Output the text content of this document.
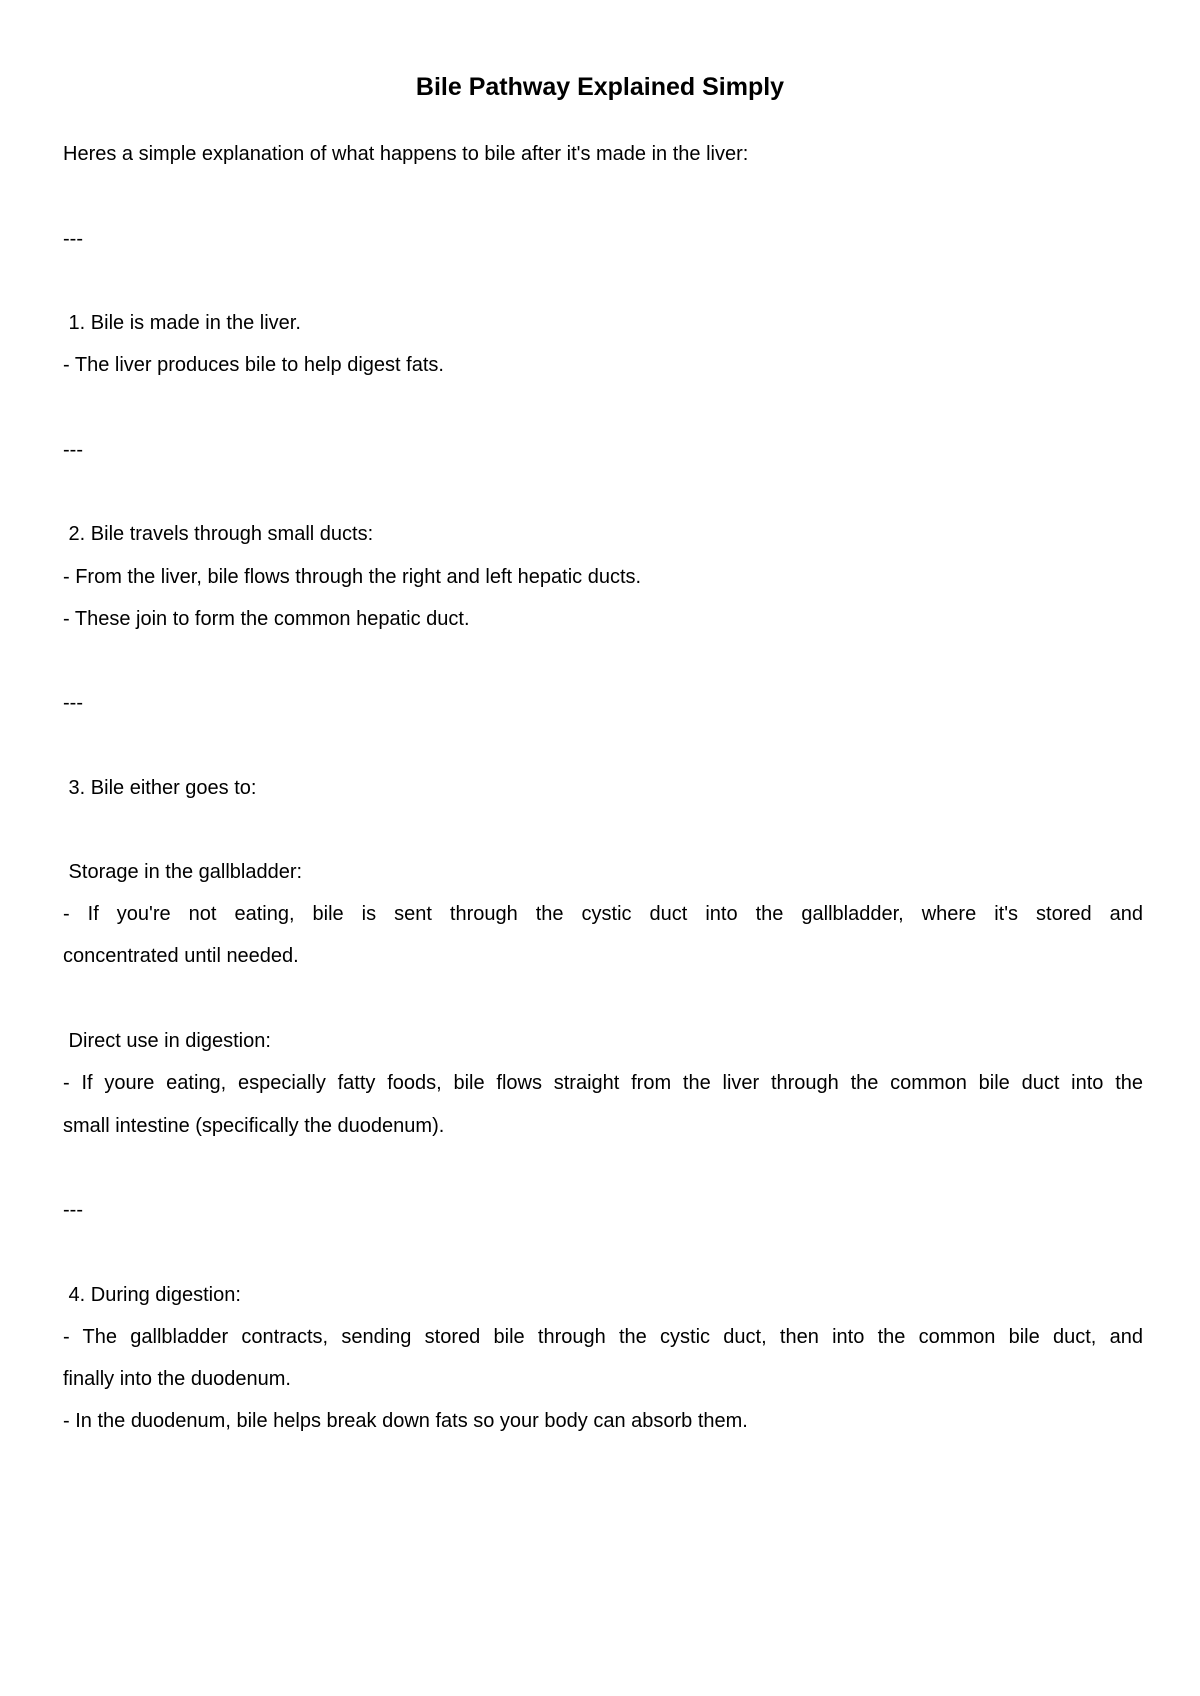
Bile Pathway Explained Simply
Heres a simple explanation of what happens to bile after it's made in the liver:
---
1. Bile is made in the liver.
- The liver produces bile to help digest fats.
---
2. Bile travels through small ducts:
- From the liver, bile flows through the right and left hepatic ducts.
- These join to form the common hepatic duct.
---
3. Bile either goes to:
Storage in the gallbladder:
- If you're not eating, bile is sent through the cystic duct into the gallbladder, where it's stored and
concentrated until needed.
Direct use in digestion:
- If youre eating, especially fatty foods, bile flows straight from the liver through the common bile duct into the
small intestine (specifically the duodenum).
---
4. During digestion:
- The gallbladder contracts, sending stored bile through the cystic duct, then into the common bile duct, and
finally into the duodenum.
- In the duodenum, bile helps break down fats so your body can absorb them.
